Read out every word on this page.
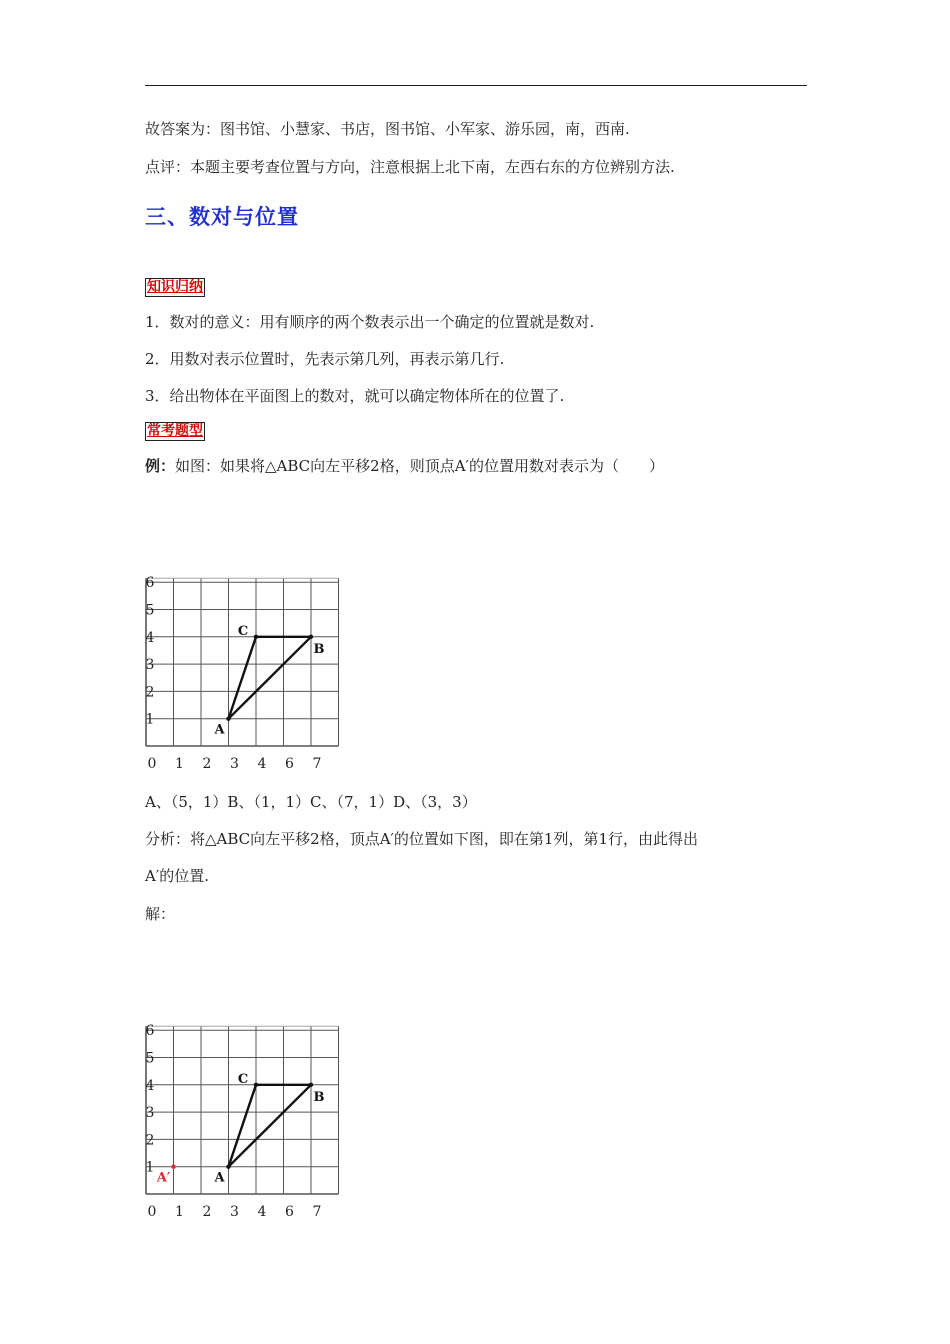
故答案为：图书馆、小慧家、书店，图书馆、小军家、游乐园，南，西南.
点评：本题主要考查位置与方向，注意根据上北下南，左西右东的方位辨别方法.
三、数对与位置
知识归纳
1．数对的意义：用有顺序的两个数表示出一个确定的位置就是数对.
2．用数对表示位置时，先表示第几列，再表示第几行.
3．给出物体在平面图上的数对，就可以确定物体所在的位置了.
常考题型
例：如图：如果将△ABC向左平移2格，则顶点A′的位置用数对表示为（　　）
0 1 2 3 4 6 7
1
2
3
4
5
6
A
B
C
A、（5，1）B、（1，1）C、（7，1）D、（3，3）
分析：将△ABC向左平移2格，顶点A′的位置如下图，即在第1列，第1行，由此得出
A′的位置.
解：
0 1 2 3 4 6 7
1
2
3
4
5
6
A
B
C
A′
